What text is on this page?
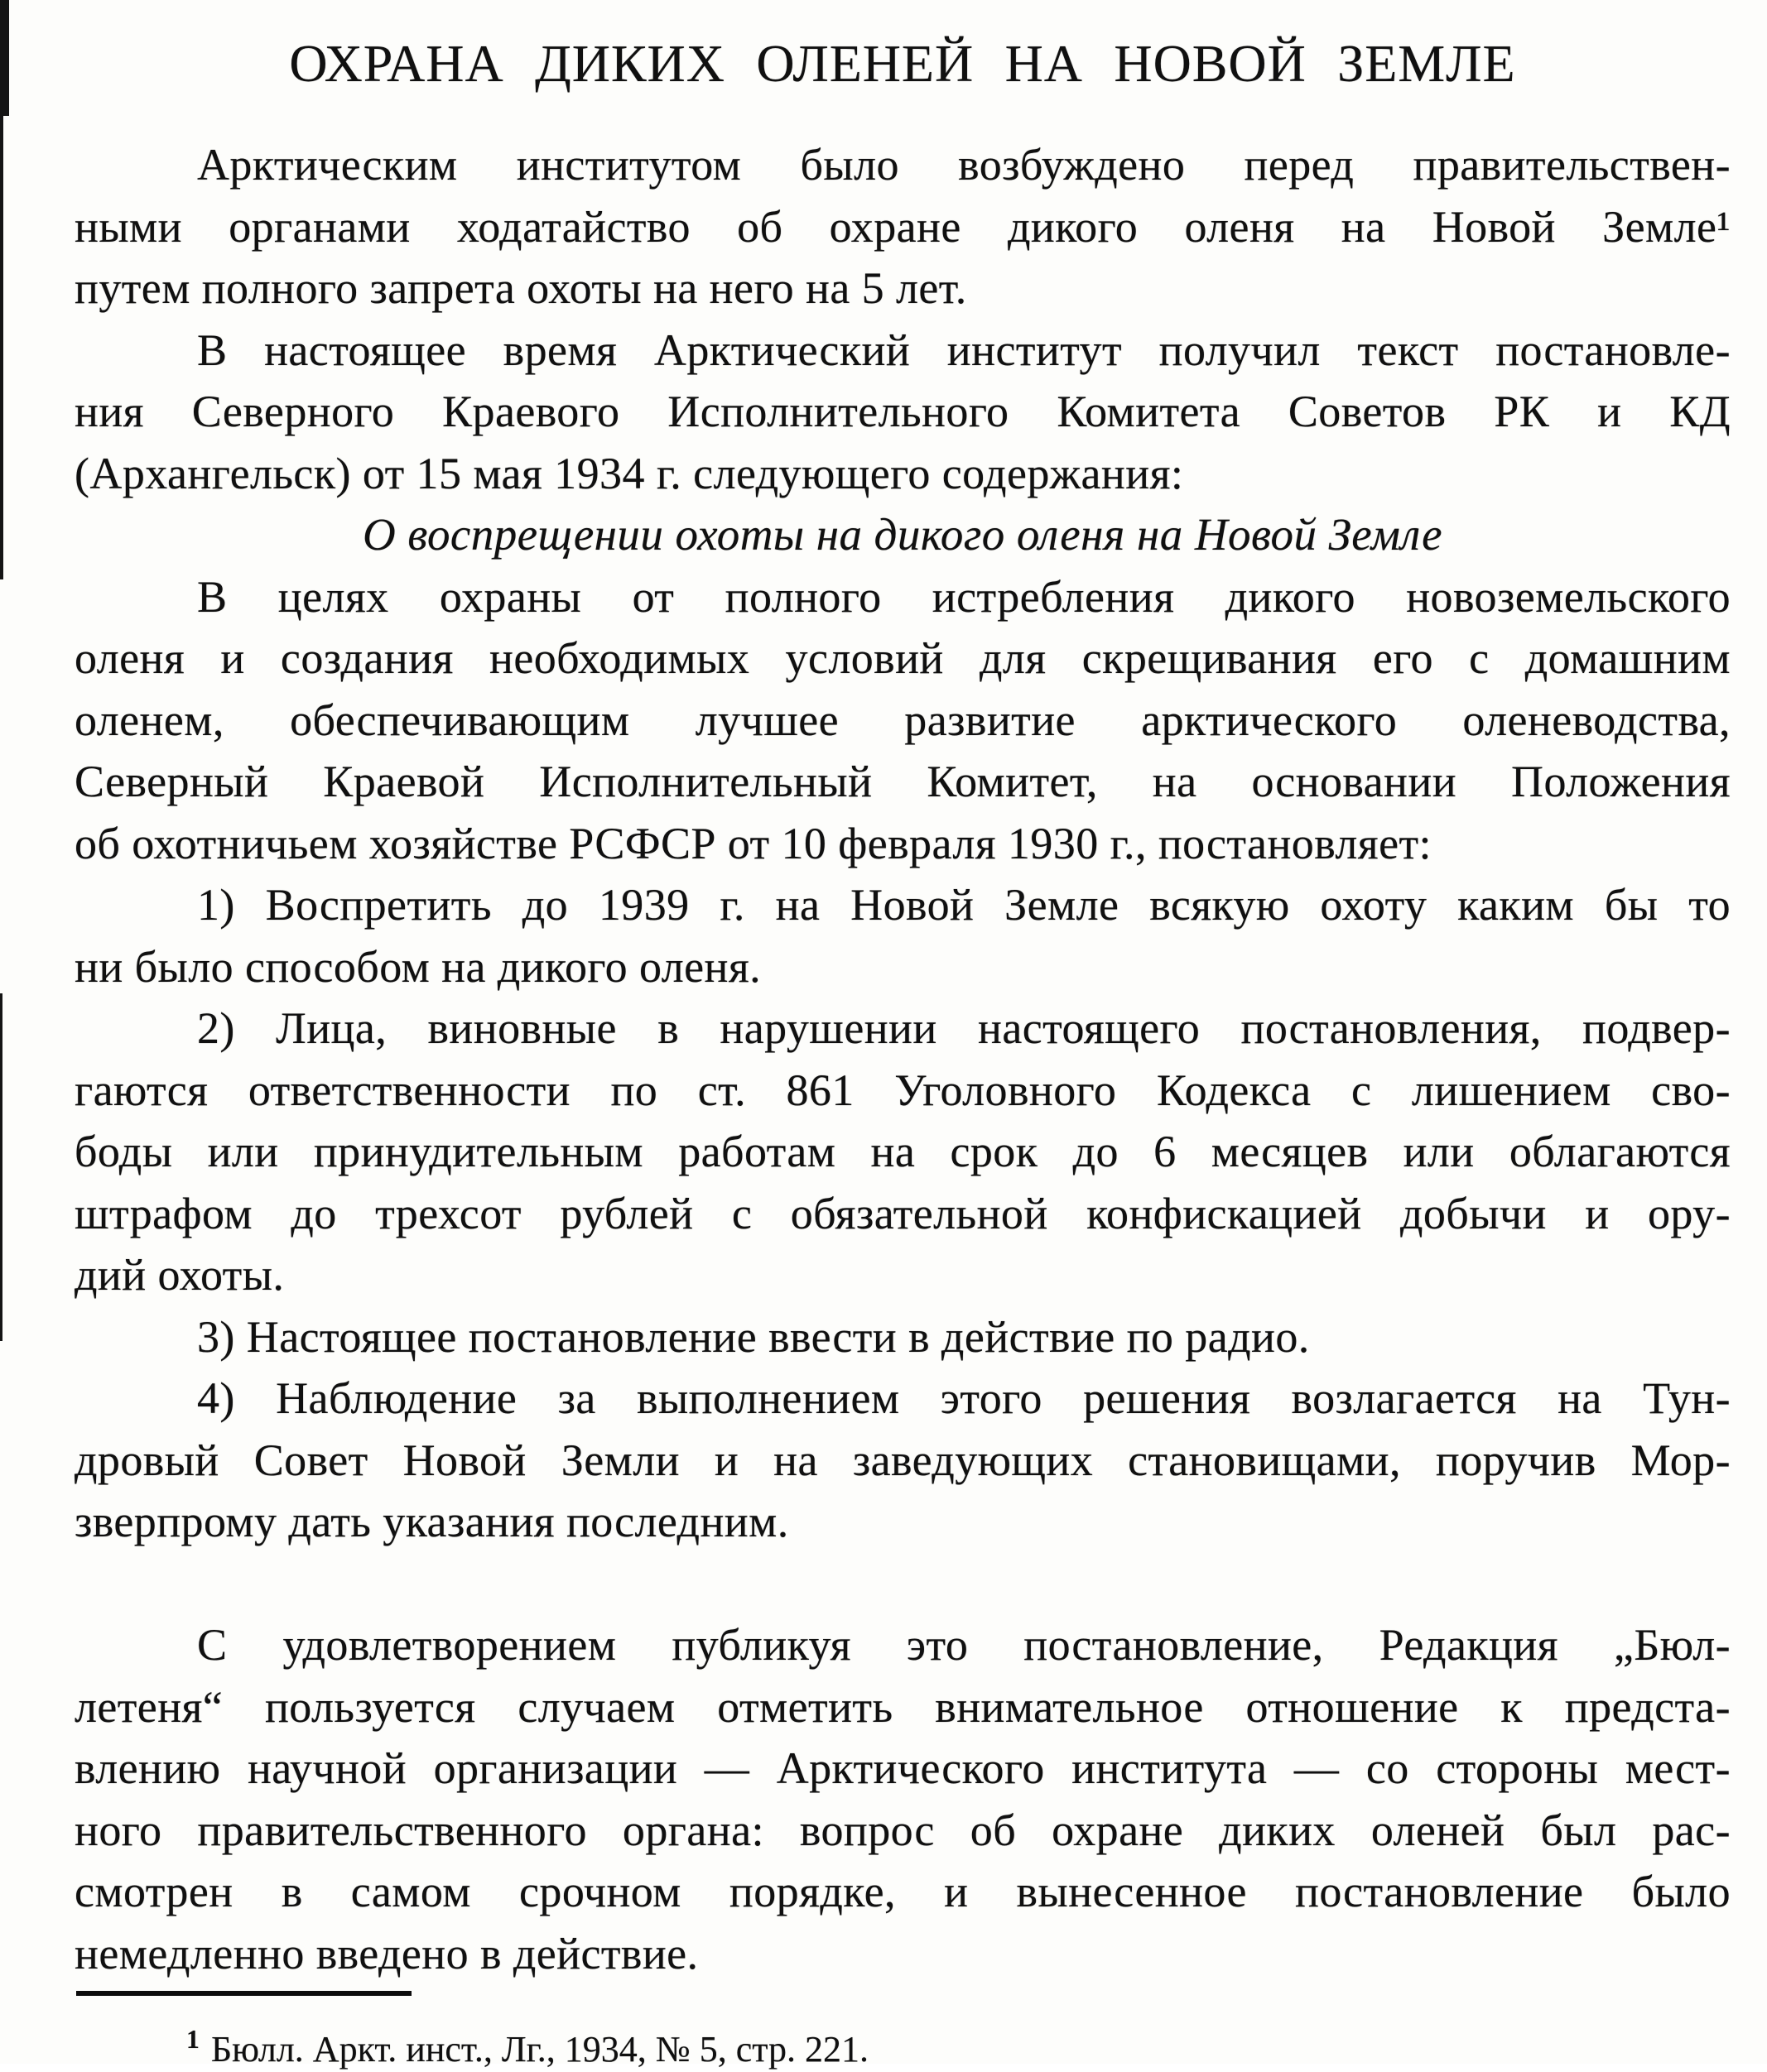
ОХРАНА ДИКИХ ОЛЕНЕЙ НА НОВОЙ ЗЕМЛЕ
Арктическим институтом было возбуждено перед правительствен-
ными органами ходатайство об охране дикого оленя на Новой Земле¹
путем полного запрета охоты на него на 5 лет.
В настоящее время Арктический институт получил текст постановле-
ния Северного Краевого Исполнительного Комитета Советов РК и КД
(Архангельск) от 15 мая 1934 г. следующего содержания:
О воспрещении охоты на дикого оленя на Новой Земле
В целях охраны от полного истребления дикого новоземельского
оленя и создания необходимых условий для скрещивания его с домашним
оленем, обеспечивающим лучшее развитие арктического оленеводства,
Северный Краевой Исполнительный Комитет, на основании Положения
об охотничьем хозяйстве РСФСР от 10 февраля 1930 г., постановляет:
1) Воспретить до 1939 г. на Новой Земле всякую охоту каким бы то
ни было способом на дикого оленя.
2) Лица, виновные в нарушении настоящего постановления, подвер-
гаются ответственности по ст. 861 Уголовного Кодекса с лишением сво-
боды или принудительным работам на срок до 6 месяцев или облагаются
штрафом до трехсот рублей с обязательной конфискацией добычи и ору-
дий охоты.
3) Настоящее постановление ввести в действие по радио.
4) Наблюдение за выполнением этого решения возлагается на Тун-
дровый Совет Новой Земли и на заведующих становищами, поручив Мор-
зверпрому дать указания последним.
С удовлетворением публикуя это постановление, Редакция „Бюл-
летеня“ пользуется случаем отметить внимательное отношение к предста-
влению научной организации — Арктического института — со стороны мест-
ного правительственного органа: вопрос об охране диких оленей был рас-
смотрен в самом срочном порядке, и вынесенное постановление было
немедленно введено в действие.
$^1$ Бюлл. Аркт. инст., Лг., 1934, № 5, стр. 221.
